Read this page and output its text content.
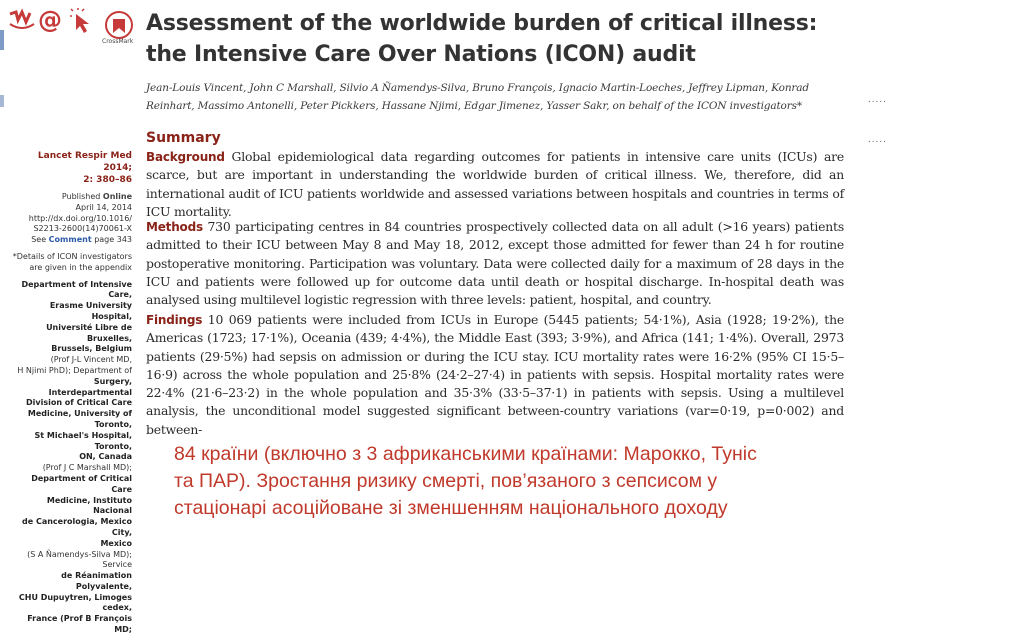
@
CrossMark
Assessment of the worldwide burden of critical illness:
the Intensive Care Over Nations (ICON) audit
Jean-Louis Vincent, John C Marshall, Silvio A Ñamendys-Silva, Bruno François, Ignacio Martin-Loeches, Jeffrey Lipman, Konrad Reinhart, Massimo Antonelli, Peter Pickkers, Hassane Njimi, Edgar Jimenez, Yasser Sakr, on behalf of the ICON investigators*
.....
Summary	.....
Background Global epidemiological data regarding outcomes for patients in intensive care units (ICUs) are scarce, but are important in understanding the worldwide burden of critical illness. We, therefore, did an international audit of ICU patients worldwide and assessed variations between hospitals and countries in terms of ICU mortality.
Methods 730 participating centres in 84 countries prospectively collected data on all adult (>16 years) patients admitted to their ICU between May 8 and May 18, 2012, except those admitted for fewer than 24 h for routine postoperative monitoring. Participation was voluntary. Data were collected daily for a maximum of 28 days in the ICU and patients were followed up for outcome data until death or hospital discharge. In-hospital death was analysed using multilevel logistic regression with three levels: patient, hospital, and country.
Findings 10 069 patients were included from ICUs in Europe (5445 patients; 54·1%), Asia (1928; 19·2%), the Americas (1723; 17·1%), Oceania (439; 4·4%), the Middle East (393; 3·9%), and Africa (141; 1·4%). Overall, 2973 patients (29·5%) had sepsis on admission or during the ICU stay. ICU mortality rates were 16·2% (95% CI 15·5–16·9) across the whole population and 25·8% (24·2–27·4) in patients with sepsis. Hospital mortality rates were 22·4% (21·6–23·2) in the whole population and 35·3% (33·5–37·1) in patients with sepsis. Using a multilevel analysis, the unconditional model suggested significant between-country variations (var=0·19, p=0·002) and between-
Lancet Respir Med 2014;
2: 380–86
Published Online
April 14, 2014
http://dx.doi.org/10.1016/
S2213-2600(14)70061-X
See Comment page 343
*Details of ICON investigators
are given in the appendix
Department of Intensive Care,
Erasme University Hospital,
Université Libre de Bruxelles,
Brussels, Belgium
(Prof J-L Vincent MD,
H Njimi PhD); Department of
Surgery, Interdepartmental
Division of Critical Care
Medicine, University of Toronto,
St Michael's Hospital, Toronto,
ON, Canada
(Prof J C Marshall MD);
Department of Critical Care
Medicine, Instituto Nacional
de Cancerologia, Mexico City,
Mexico
(S A Ñamendys-Silva MD); Service
de Réanimation Polyvalente,
CHU Dupuytren, Limoges cedex,
France (Prof B François MD;
84 країни (включно з 3 африканськими країнами: Марокко, Туніс
та ПАР). Зростання ризику смерті, пов’язаного з сепсисом у
стаціонарі асоційоване зі зменшенням національного доходу
